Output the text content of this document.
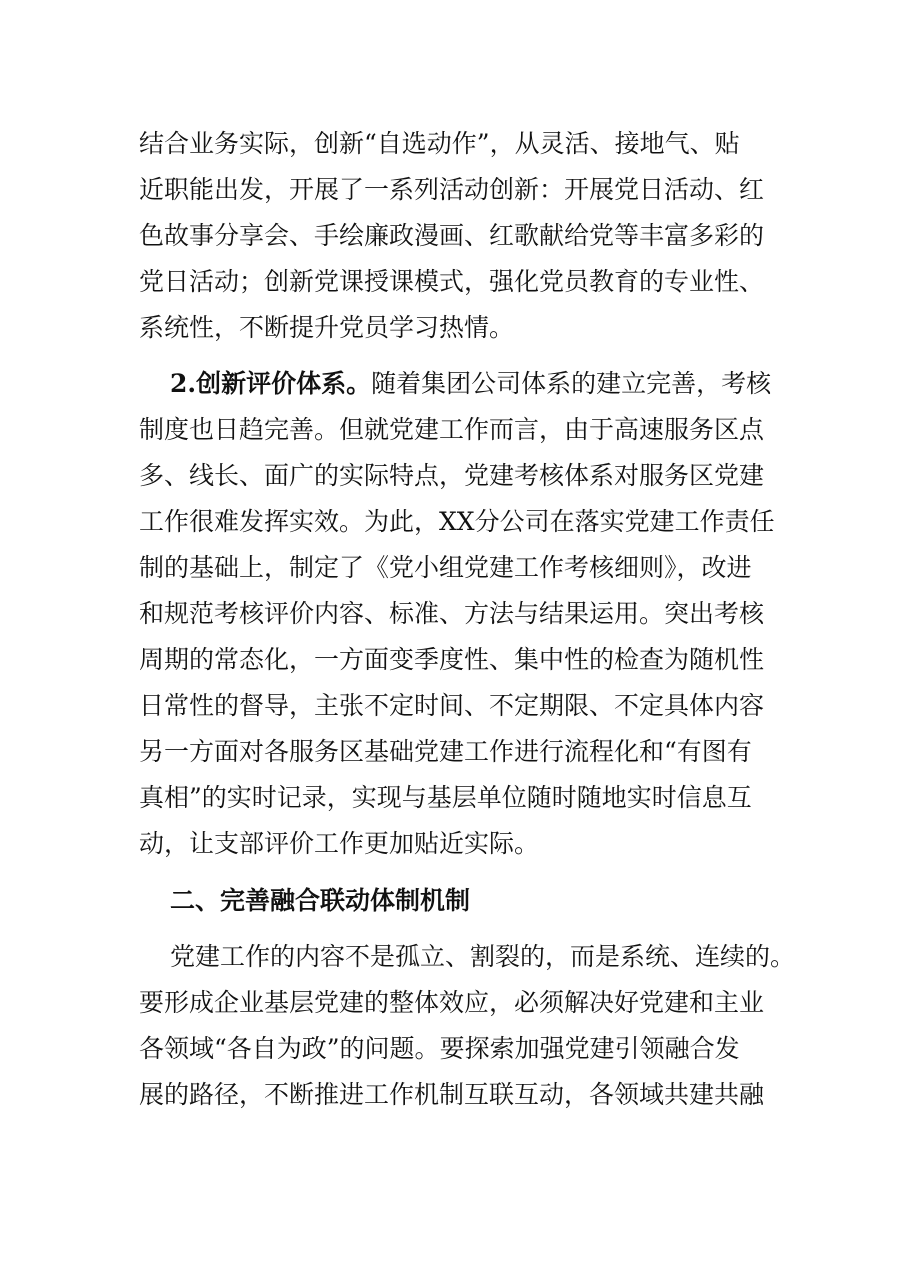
结合业务实际，创新“自选动作”，从灵活、接地气、贴
近职能出发，开展了一系列活动创新：开展党日活动、红
色故事分享会、手绘廉政漫画、红歌献给党等丰富多彩的
党日活动；创新党课授课模式，强化党员教育的专业性、
系统性，不断提升党员学习热情。
2.创新评价体系。随着集团公司体系的建立完善，考核
制度也日趋完善。但就党建工作而言，由于高速服务区点
多、线长、面广的实际特点，党建考核体系对服务区党建
工作很难发挥实效。为此，XX分公司在落实党建工作责任
制的基础上，制定了《党小组党建工作考核细则》，改进
和规范考核评价内容、标准、方法与结果运用。突出考核
周期的常态化，一方面变季度性、集中性的检查为随机性
日常性的督导，主张不定时间、不定期限、不定具体内容
另一方面对各服务区基础党建工作进行流程化和“有图有
真相”的实时记录，实现与基层单位随时随地实时信息互
动，让支部评价工作更加贴近实际。
二、完善融合联动体制机制
党建工作的内容不是孤立、割裂的，而是系统、连续的。
要形成企业基层党建的整体效应，必须解决好党建和主业
各领域“各自为政”的问题。要探索加强党建引领融合发
展的路径，不断推进工作机制互联互动，各领域共建共融
